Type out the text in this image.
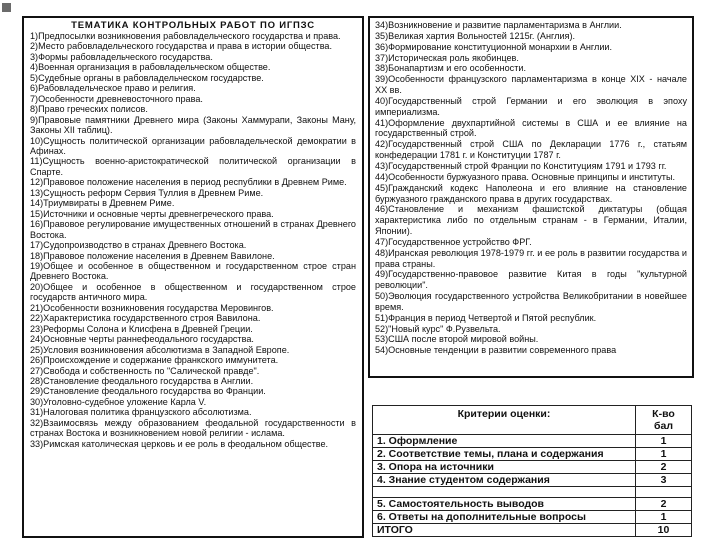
ТЕМАТИКА КОНТРОЛЬНЫХ РАБОТ ПО ИГПЗС
1)Предпосылки возникновения рабовладельческого государства и права.
2)Место рабовладельческого государства и права в истории общества.
3)Формы рабовладельческого государства.
4)Военная организация в рабовладельческом обществе.
5)Судебные органы в рабовладельческом государстве.
6)Рабовладельческое право и религия.
7)Особенности древневосточного права.
8)Право греческих полисов.
9)Правовые памятники Древнего мира (Законы Хаммурапи, Законы Ману, Законы XII таблиц).
10)Сущность политической организации рабовладельческой демократии в Афинах.
11)Сущность военно-аристократической политической организации в Спарте.
12)Правовое положение населения в период республики в Древнем Риме.
13)Сущность реформ Сервия Туллия в Древнем Риме.
14)Триумвираты в Древнем Риме.
15)Источники и основные черты древнегреческого права.
16)Правовое регулирование имущественных отношений в странах Древнего Востока.
17)Судопроизводство в странах Древнего Востока.
18)Правовое положение населения в Древнем Вавилоне.
19)Общее и особенное в общественном и государственном строе стран Древнего Востока.
20)Общее и особенное в общественном и государственном строе государств античного мира.
21)Особенности возникновения государства Меровингов.
22)Характеристика государственного строя Вавилона.
23)Реформы Солона и Клисфена в Древней Греции.
24)Основные черты раннефеодального государства.
25)Условия возникновения абсолютизма в Западной Европе.
26)Происхождение и содержание франкского иммунитета.
27)Свобода и собственность по "Салической правде".
28)Становление феодального государства в Англии.
29)Становление феодального государства во Франции.
30)Уголовно-судебное уложение Карла V.
31)Налоговая политика французского абсолютизма.
32)Взаимосвязь между образованием феодальной государственности в странах Востока и возникновением новой религии - ислама.
33)Римская католическая церковь и ее роль в феодальном обществе.
34)Возникновение и развитие парламентаризма в Англии.
35)Великая хартия Вольностей 1215г. (Англия).
36)Формирование конституционной монархии в Англии.
37)Историческая роль якобинцев.
38)Бонапартизм и его особенности.
39)Особенности французского парламентаризма в конце XIX - начале XX вв.
40)Государственный строй Германии и его эволюция в эпоху империализма.
41)Оформление двухпартийной системы в США и ее влияние на государственный строй.
42)Государственный строй США по Декларации 1776 г., статьям конфедерации 1781 г. и Конституции 1787 г.
43)Государственный строй Франции по Конституциям 1791 и 1793 гг.
44)Особенности буржуазного права. Основные принципы и институты.
45)Гражданский кодекс Наполеона и его влияние на становление буржуазного гражданского права в других государствах.
46)Становление и механизм фашистской диктатуры (общая характеристика либо по отдельным странам - в Германии, Италии, Японии).
47)Государственное устройство ФРГ.
48)Иранская революция 1978-1979 гг. и ее роль в развитии государства и права страны.
49)Государственно-правовое развитие Китая в годы "культурной революции".
50)Эволюция государственного устройства Великобритании в новейшее время.
51)Франция в период Четвертой и Пятой республик.
52)"Новый курс" Ф.Рузвельта.
53)США после второй мировой войны.
54)Основные тенденции в развитии современного права
Критерии оценки:	К-во
бал

1. Оформление	1
2. Соответствие темы, плана и содержания	1
3. Опора на источники	2
4. Знание студентом содержания	3

5. Самостоятельность выводов	2
6. Ответы на дополнительные вопросы	1
ИТОГО	10
